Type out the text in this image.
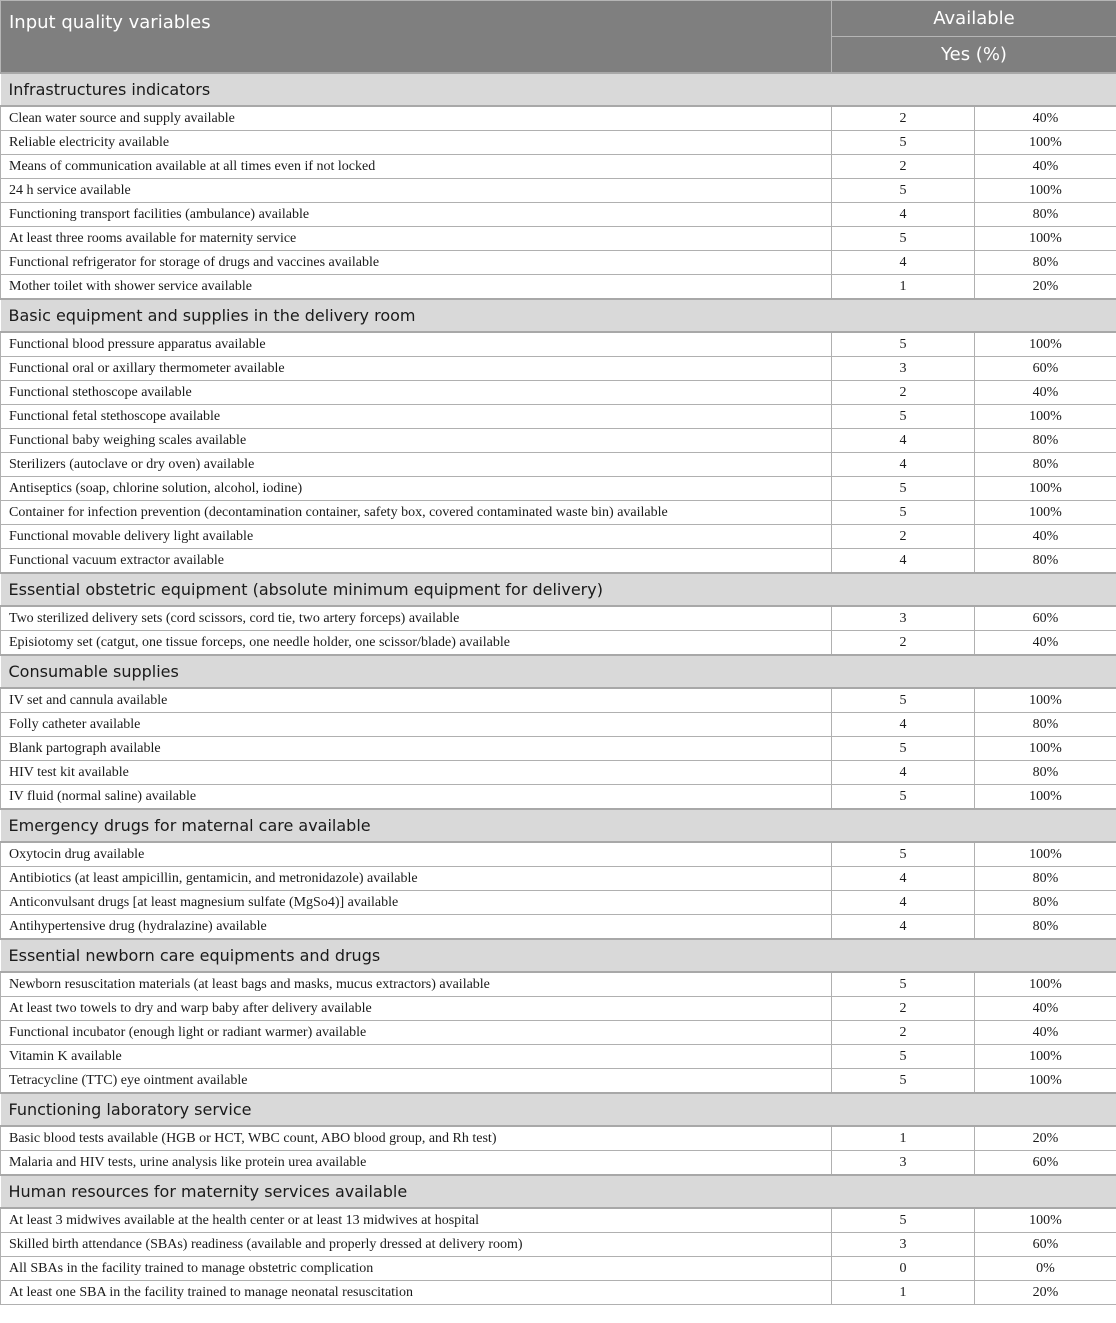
Input quality variables	Available	
	Yes (%)	
Infrastructures indicators		
Clean water source and supply available	2	40%
Reliable electricity available	5	100%
Means of communication available at all times even if not locked	2	40%
24 h service available	5	100%
Functioning transport facilities (ambulance) available	4	80%
At least three rooms available for maternity service	5	100%
Functional refrigerator for storage of drugs and vaccines available	4	80%
Mother toilet with shower service available	1	20%
Basic equipment and supplies in the delivery room		
Functional blood pressure apparatus available	5	100%
Functional oral or axillary thermometer available	3	60%
Functional stethoscope available	2	40%
Functional fetal stethoscope available	5	100%
Functional baby weighing scales available	4	80%
Sterilizers (autoclave or dry oven) available	4	80%
Antiseptics (soap, chlorine solution, alcohol, iodine)	5	100%
Container for infection prevention (decontamination container, safety box, covered contaminated waste bin) available	5	100%
Functional movable delivery light available	2	40%
Functional vacuum extractor available	4	80%
Essential obstetric equipment (absolute minimum equipment for delivery)		
Two sterilized delivery sets (cord scissors, cord tie, two artery forceps) available	3	60%
Episiotomy set (catgut, one tissue forceps, one needle holder, one scissor/blade) available	2	40%
Consumable supplies		
IV set and cannula available	5	100%
Folly catheter available	4	80%
Blank partograph available	5	100%
HIV test kit available	4	80%
IV fluid (normal saline) available	5	100%
Emergency drugs for maternal care available		
Oxytocin drug available	5	100%
Antibiotics (at least ampicillin, gentamicin, and metronidazole) available	4	80%
Anticonvulsant drugs [at least magnesium sulfate (MgSo4)] available	4	80%
Antihypertensive drug (hydralazine) available	4	80%
Essential newborn care equipments and drugs		
Newborn resuscitation materials (at least bags and masks, mucus extractors) available	5	100%
At least two towels to dry and warp baby after delivery available	2	40%
Functional incubator (enough light or radiant warmer) available	2	40%
Vitamin K available	5	100%
Tetracycline (TTC) eye ointment available	5	100%
Functioning laboratory service		
Basic blood tests available (HGB or HCT, WBC count, ABO blood group, and Rh test)	1	20%
Malaria and HIV tests, urine analysis like protein urea available	3	60%
Human resources for maternity services available		
At least 3 midwives available at the health center or at least 13 midwives at hospital	5	100%
Skilled birth attendance (SBAs) readiness (available and properly dressed at delivery room)	3	60%
All SBAs in the facility trained to manage obstetric complication	0	0%
At least one SBA in the facility trained to manage neonatal resuscitation	1	20%
